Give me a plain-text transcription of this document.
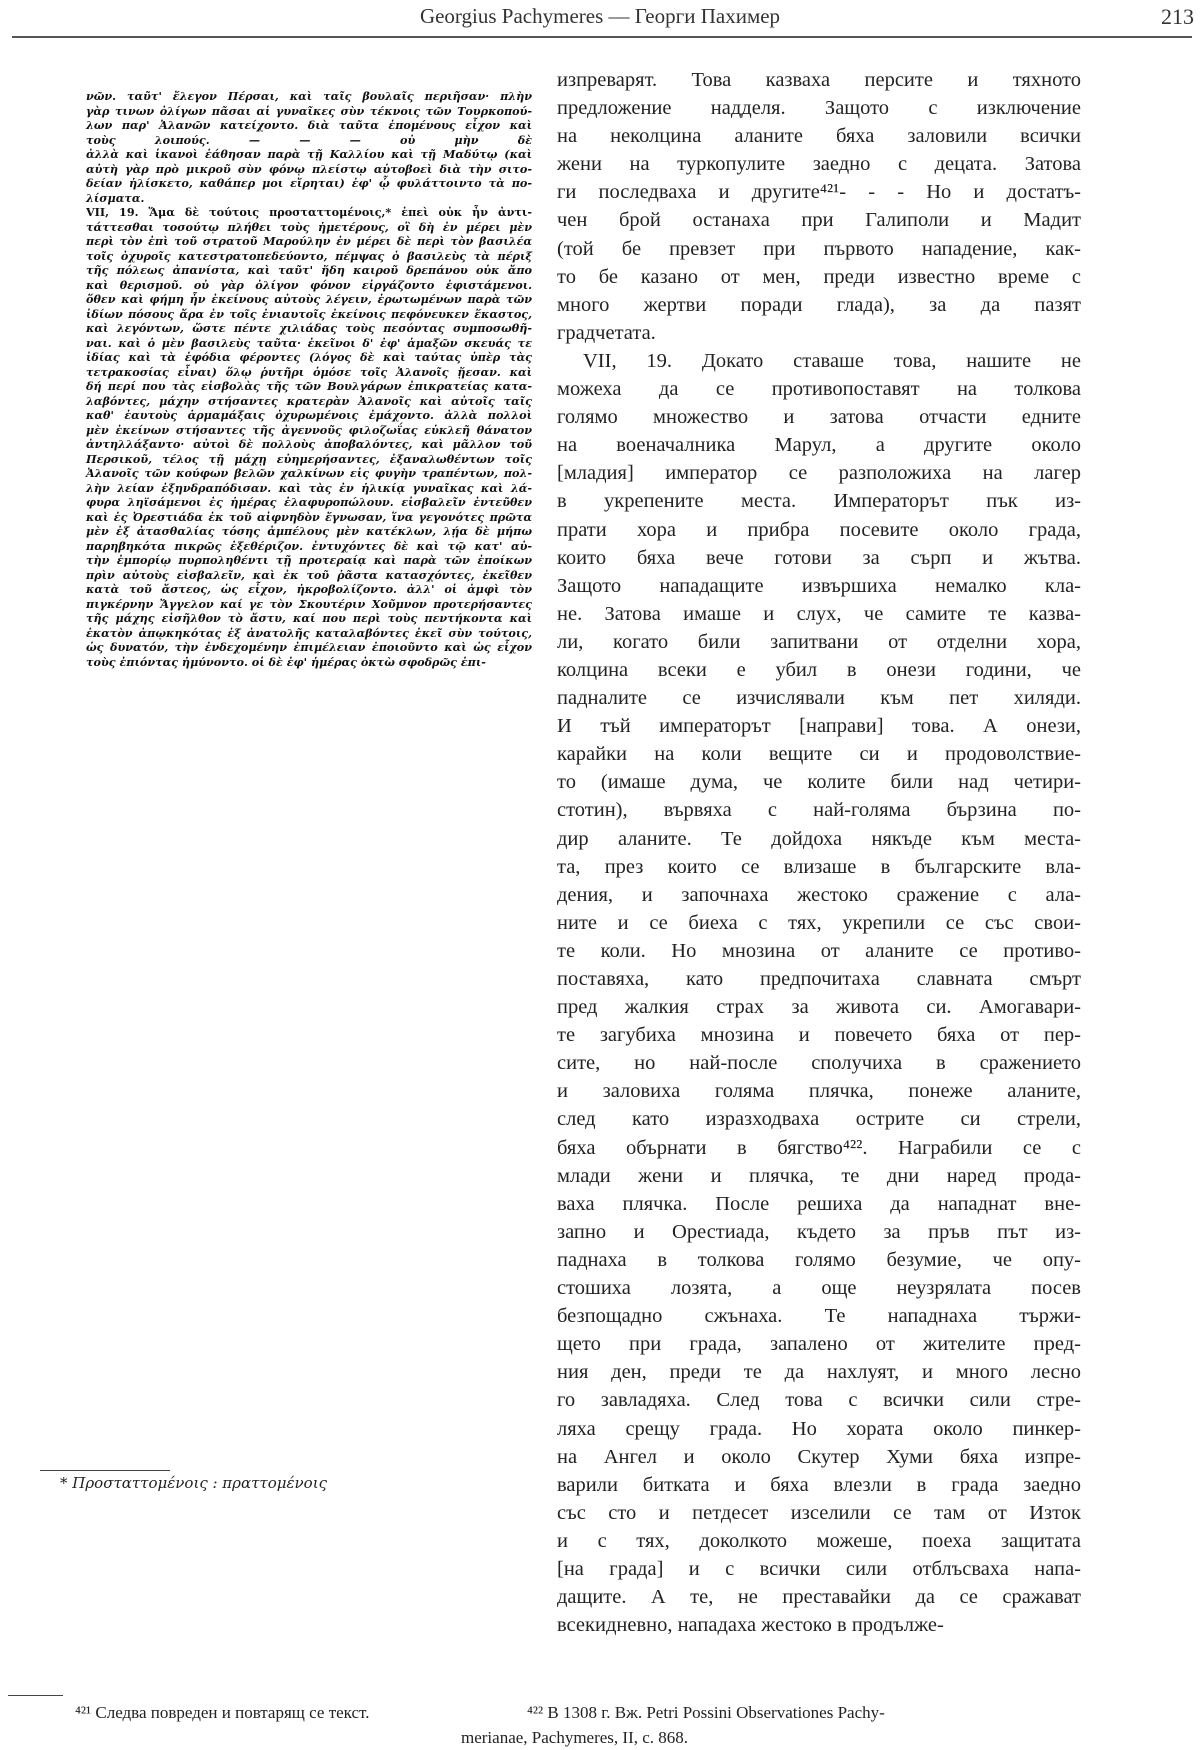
Georgius Pachymeres — Георги Пахимер	213
νῶν. ταῦτ' ἔλεγον Πέρσαι, καὶ ταῖς βουλαῖς περιῆσαν· πλὴν
γὰρ τινων ὀλίγων πᾶσαι αἱ γυναῖκες σὺν τέκνοις τῶν Τουρκοπού-
λων παρ' Ἀλανῶν κατείχοντο. διὰ ταῦτα ἑπομένους εἶχον καὶ
τοὺς λοιπούς. — — — οὐ μὴν δὲ
ἀλλὰ καὶ ἱκανοὶ ἑάθησαν παρὰ τῇ Καλλίου καὶ τῇ Μαδύτῳ (καὶ
αὐτὴ γὰρ πρὸ μικροῦ σὺν φόνῳ πλείστῳ αὐτοβοεὶ διὰ τὴν σιτο-
δείαν ἡλίσκετο, καθάπερ μοι εἴρηται) ἐφ' ᾧ φυλάττοιντο τὰ πο-
λίσματα.
VII, 19. Ἅμα δὲ τούτοις προσταττομένοις,* ἐπεὶ οὐκ ἦν ἀντι-
τάττεσθαι τοσούτῳ πλήθει τοὺς ἡμετέρους, οἳ δὴ ἐν μέρει μὲν
περὶ τὸν ἐπὶ τοῦ στρατοῦ Μαρούλην ἐν μέρει δὲ περὶ τὸν βασιλέα
τοῖς ὀχυροῖς κατεστρατοπεδεύοντο, πέμψας ὁ βασιλεὺς τὰ πέριξ
τῆς πόλεως ἀπανίστα, καὶ ταῦτ' ἤδη καιροῦ δρεπάνου οὐκ ἄπο
καὶ θερισμοῦ. οὐ γὰρ ὀλίγον φόνον εἰργάζοντο ἐφιστάμενοι.
ὅθεν καὶ φήμη ἦν ἐκείνους αὐτοὺς λέγειν, ἐρωτωμένων παρὰ τῶν
ἰδίων πόσους ἄρα ἐν τοῖς ἐνιαυτοῖς ἐκείνοις πεφόνευκεν ἕκαστος,
καὶ λεγόντων, ὥστε πέντε χιλιάδας τοὺς πεσόντας συμποσωθῆ-
ναι. καὶ ὁ μὲν βασιλεὺς ταῦτα· ἐκεῖνοι δ' ἐφ' ἁμαξῶν σκευάς τε
ἰδίας καὶ τὰ ἐφόδια φέροντες (λόγος δὲ καὶ ταύτας ὑπὲρ τὰς
τετρακοσίας εἶναι) ὅλῳ ῥυτῆρι ὁμόσε τοῖς Ἀλανοῖς ᾔεσαν. καὶ
δή περί που τὰς εἰσβολὰς τῆς τῶν Βουλγάρων ἐπικρατείας κατα-
λαβόντες, μάχην στήσαντες κρατερὰν Ἀλανοῖς καὶ αὐτοῖς ταῖς
καθ' ἑαυτοὺς ἁρμαμάξαις ὀχυρωμένοις ἐμάχοντο. ἀλλὰ πολλοὶ
μὲν ἐκείνων στήσαντες τῆς ἀγεννοῦς φιλοζωΐας εὐκλεῆ θάνατον
ἀντηλλάξαντο· αὐτοὶ δὲ πολλοὺς ἀποβαλόντες, καὶ μᾶλλον τοῦ
Περσικοῦ, τέλος τῇ μάχῃ εὐημερήσαντες, ἐξαναλωθέντων τοῖς
Ἀλανοῖς τῶν κούφων βελῶν χαλκίνων εἰς φυγὴν τραπέντων, πολ-
λὴν λείαν ἐξηνδραπόδισαν. καὶ τὰς ἐν ἡλικίᾳ γυναῖκας καὶ λά-
φυρα ληϊσάμενοι ἐς ἡμέρας ἐλαφυροπώλουν. εἰσβαλεῖν ἐντεῦθεν
καὶ ἐς Ὀρεστιάδα ἐκ τοῦ αἰφνηδὸν ἔγνωσαν, ἵνα γεγονότες πρῶτα
μὲν ἐξ ἀτασθαλίας τόσης ἀμπέλους μὲν κατέκλων, λῄα δὲ μήπω
παρηβηκότα πικρῶς ἐξεθέριζον. ἐντυχόντες δὲ καὶ τῷ κατ' αὐ-
τὴν ἐμπορίῳ πυρποληθέντι τῇ προτεραίᾳ καὶ παρὰ τῶν ἐποίκων
πρὶν αὐτοὺς εἰσβαλεῖν, καὶ ἐκ τοῦ ῥᾶστα κατασχόντες, ἐκεῖθεν
κατὰ τοῦ ἄστεος, ὡς εἶχον, ἠκροβολίζοντο. ἀλλ' οἱ ἀμφὶ τὸν
πιγκέρνην Ἄγγελον καί γε τὸν Σκουτέριν Χοῦμνον προτερήσαντες
τῆς μάχης εἰσῆλθον τὸ ἄστυ, καί που περὶ τοὺς πεντήκοντα καὶ
ἑκατὸν ἀπῳκηκότας ἐξ ἀνατολῆς καταλαβόντες ἐκεῖ σὺν τούτοις,
ὡς δυνατόν, τὴν ἐνδεχομένην ἐπιμέλειαν ἐποιοῦντο καὶ ὡς εἶχον
τοὺς ἐπιόντας ἠμύνοντο. οἱ δὲ ἐφ' ἡμέρας ὀκτὼ σφοδρῶς ἐπι-
изпреварят. Това казваха персите и тяхното
предложение надделя. Защото с изключение
на неколцина аланите бяха заловили всички
жени на туркопулите заедно с децата. Затова
ги последваха и другите⁴²¹- - - Но и достатъ-
чен брой останаха при Галиполи и Мадит
(той бе превзет при първото нападение, как-
то бе казано от мен, преди известно време с
много жертви поради глада), за да пазят
градчетата.
VII, 19. Докато ставаше това, нашите не
можеха да се противопоставят на толкова
голямо множество и затова отчасти едните
на военачалника Марул, а другите около
[младия] император се разположиха на лагер
в укрепените места. Императорът пък из-
прати хора и прибра посевите около града,
които бяха вече готови за сърп и жътва.
Защото нападащите извършиха немалко кла-
не. Затова имаше и слух, че самите те казва-
ли, когато били запитвани от отделни хора,
колцина всеки е убил в онези години, че
падналите се изчислявали към пет хиляди.
И тъй императорът [направи] това. А онези,
карайки на коли вещите си и продоволствие-
то (имаше дума, че колите били над четири-
стотин), вървяха с най-голяма бързина по-
дир аланите. Те дойдоха някъде към места-
та, през които се влизаше в българските вла-
дения, и започнаха жестоко сражение с ала-
ните и се биеха с тях, укрепили се със свои-
те коли. Но мнозина от аланите се противо-
поставяха, като предпочитаха славната смърт
пред жалкия страх за живота си. Амогавари-
те загубиха мнозина и повечето бяха от пер-
сите, но най-после сполучиха в сражението
и заловиха голяма плячка, понеже аланите,
след като изразходваха острите си стрели,
бяха обърнати в бягство⁴²². Награбили се с
млади жени и плячка, те дни наред прода-
ваха плячка. После решиха да нападнат вне-
запно и Орестиада, където за пръв път из-
паднаха в толкова голямо безумие, че опу-
стошиха лозята, а още неузрялата посев
безпощадно сжънаха. Те нападнаха тържи-
щето при града, запалено от жителите пред-
ния ден, преди те да нахлуят, и много лесно
го завладяха. След това с всички сили стре-
ляха срещу града. Но хората около пинкер-
на Ангел и около Скутер Хуми бяха изпре-
варили битката и бяха влезли в града заедно
със сто и петдесет изселили се там от Изток
и с тях, доколкото можеше, поеха защитата
[на града] и с всички сили отблъсваха напа-
дащите. А те, не преставайки да се сражават
всекидневно, нападаха жестоко в продълже-
* Προσταττομένοις : πραττομένοις
⁴²¹ Следва повреден и повтарящ се текст.	⁴²² В 1308 г. Вж. Petri Possini Observationes Pachy-
merianae, Pachymeres, II, с. 868.
